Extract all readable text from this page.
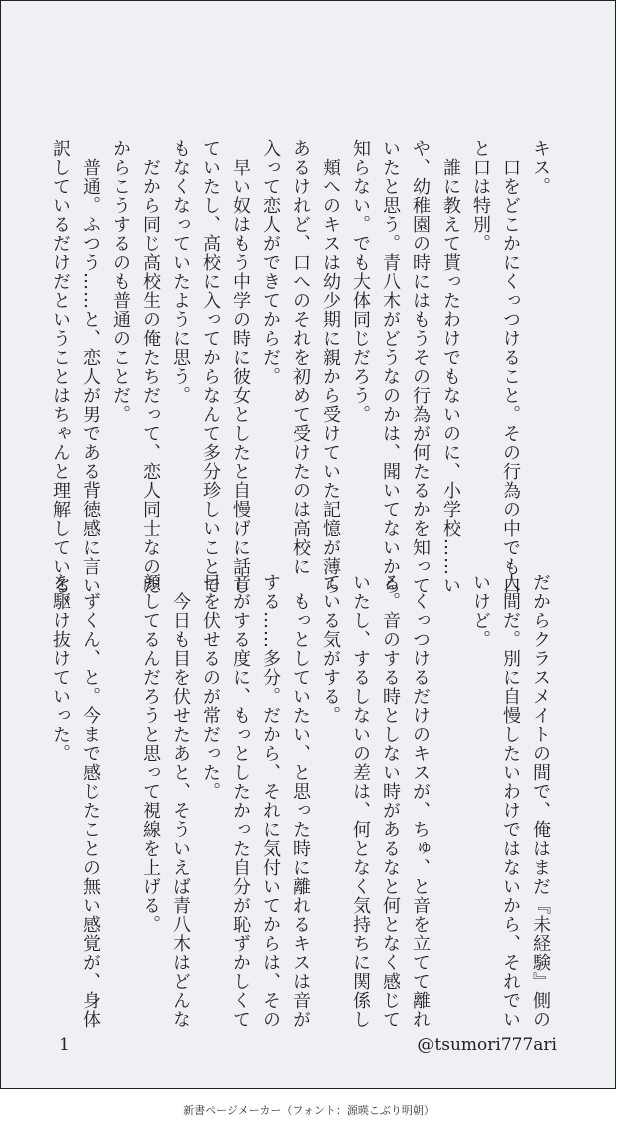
キス。

　口をどこかにくっつけること。その行為の中でも口

と口は特別。

　誰に教えて貰ったわけでもないのに、小学校……い

や、幼稚園の時にはもうその行為が何たるかを知って

いたと思う。青八木がどうなのかは、聞いてないから

知らない。でも大体同じだろう。

　頬へのキスは幼少期に親から受けていた記憶が薄ら

あるけれど、口へのそれを初めて受けたのは高校に

入って恋人ができてからだ。

　早い奴はもう中学の時に彼女としたと自慢げに話し

ていたし、高校に入ってからなんて多分珍しいことで

もなくなっていたように思う。

　だから同じ高校生の俺たちだって、恋人同士なのだ

からこうするのも普通のことだ。

　普通。ふつう……と、恋人が男である背徳感に言い

訳しているだけだということはちゃんと理解している。

だからクラスメイトの間で、俺はまだ『未経験』側の

人間だ。別に自慢したいわけではないから、それでい

いけど。

　くっつけるだけのキスが、ちゅ、と音を立てて離れ

る。音のする時としない時があるなと何となく感じて

いたし、するしないの差は、何となく気持ちに関係し

ている気がする。

　もっとしていたい、と思った時に離れるキスは音が

する……多分。だから、それに気付いてからは、その

音がする度に、もっとしたかった自分が恥ずかしくて

目を伏せるのが常だった。

　今日も目を伏せたあと、そういえば青八木はどんな

顔してるんだろうと思って視線を上げる。

　ずくん、と。今まで感じたことの無い感覚が、身体

を駆け抜けていった。

1	@tsumori777ari
新書ページメーカー（フォント：源暎こぶり明朝）
